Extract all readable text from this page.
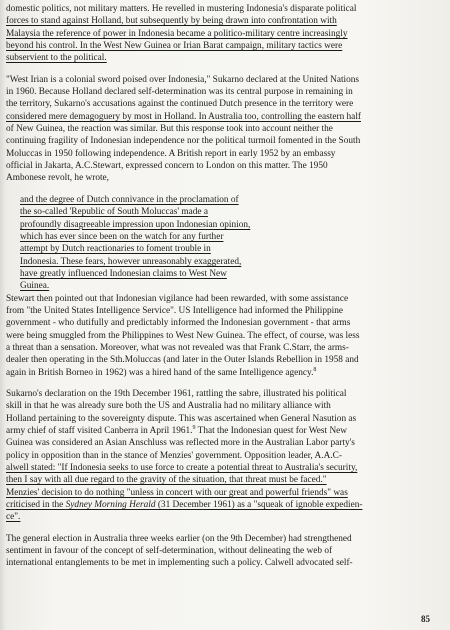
domestic politics, not military matters. He revelled in mustering Indonesia's disparate political
forces to stand against Holland, but subsequently by being drawn into confrontation with
Malaysia the reference of power in Indonesia became a politico-military centre increasingly
beyond his control. In the West New Guinea or Irian Barat campaign, military tactics were
subservient to the political.
"West Irian is a colonial sword poised over Indonesia," Sukarno declared at the United Nations
in 1960. Because Holland declared self-determination was its central purpose in remaining in
the territory, Sukarno's accusations against the continued Dutch presence in the territory were
considered mere demagoguery by most in Holland. In Australia too, controlling the eastern half
of New Guinea, the reaction was similar. But this response took into account neither the
continuing fragility of Indonesian independence nor the political turmoil fomented in the South
Moluccas in 1950 following independence. A British report in early 1952 by an embassy
official in Jakarta, A.C.Stewart, expressed concern to London on this matter. The 1950
Ambonese revolt, he wrote,
and the degree of Dutch connivance in the proclamation of
the so-called 'Republic of South Moluccas' made a
profoundly disagreeable impression upon Indonesian opinion,
which has ever since been on the watch for any further
attempt by Dutch reactionaries to foment trouble in
Indonesia. These fears, however unreasonably exaggerated,
have greatly influenced Indonesian claims to West New
Guinea.
Stewart then pointed out that Indonesian vigilance had been rewarded, with some assistance
from "the United States Intelligence Service". US Intelligence had informed the Philippine
government - who dutifully and predictably informed the Indonesian government - that arms
were being smuggled from the Philippines to West New Guinea. The effect, of course, was less
a threat than a sensation. Moreover, what was not revealed was that Frank C.Starr, the arms-
dealer then operating in the Sth.Moluccas (and later in the Outer Islands Rebellion in 1958 and
again in British Borneo in 1962) was a hired hand of the same Intelligence agency.$^8$
Sukarno's declaration on the 19th December 1961, rattling the sabre, illustrated his political
skill in that he was already sure both the US and Australia had no military alliance with
Holland pertaining to the sovereignty dispute. This was ascertained when General Nasution as
army chief of staff visited Canberra in April 1961.$^9$ That the Indonesian quest for West New
Guinea was considered an Asian Anschluss was reflected more in the Australian Labor party's
policy in opposition than in the stance of Menzies' government. Opposition leader, A.A.C-
alwell stated: "If Indonesia seeks to use force to create a potential threat to Australia's security,
then I say with all due regard to the gravity of the situation, that threat must be faced."
Menzies' decision to do nothing "unless in concert with our great and powerful friends" was
criticised in the Sydney Morning Herald (31 December 1961) as a "squeak of ignoble expedien-
ce".
The general election in Australia three weeks earlier (on the 9th December) had strengthened
sentiment in favour of the concept of self-determination, without delineating the web of
international entanglements to be met in implementing such a policy. Calwell advocated self-
85
